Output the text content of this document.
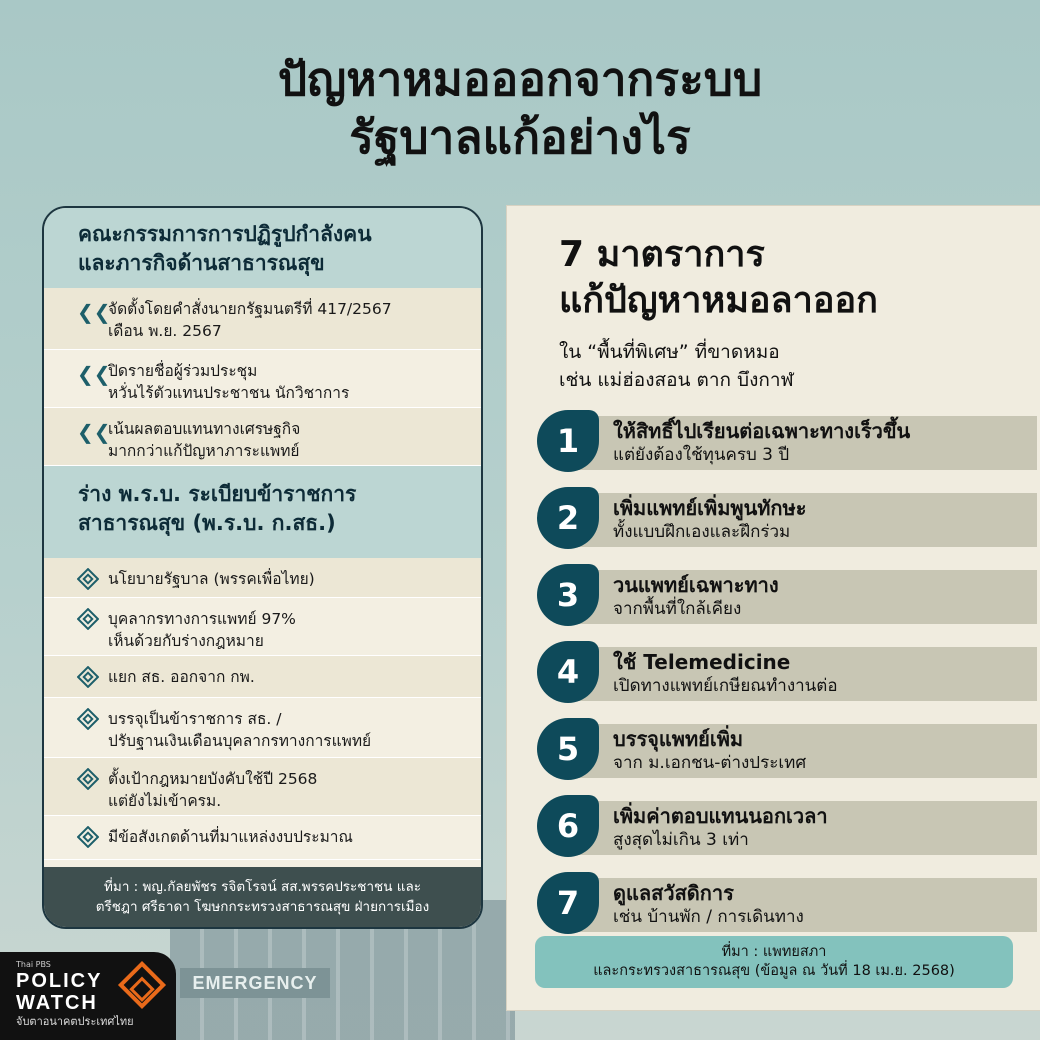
EMERGENCY
ปัญหาหมอออกจากระบบ
รัฐบาลแก้อย่างไร
คณะกรรมการการปฏิรูปกำลังคน
และภารกิจด้านสาธารณสุข
❮❮
จัดตั้งโดยคำสั่งนายกรัฐมนตรีที่ 417/2567
เดือน พ.ย. 2567
❮❮
ปิดรายชื่อผู้ร่วมประชุม
หวั่นไร้ตัวแทนประชาชน นักวิชาการ
❮❮
เน้นผลตอบแทนทางเศรษฐกิจ
มากกว่าแก้ปัญหาภาระแพทย์
ร่าง พ.ร.บ. ระเบียบข้าราชการ
สาธารณสุข (พ.ร.บ. ก.สธ.)
นโยบายรัฐบาล (พรรคเพื่อไทย)
บุคลากรทางการแพทย์ 97%
เห็นด้วยกับร่างกฎหมาย
แยก สธ. ออกจาก กพ.
บรรจุเป็นข้าราชการ สธ. /
ปรับฐานเงินเดือนบุคลากรทางการแพทย์
ตั้งเป้ากฎหมายบังคับใช้ปี 2568
แต่ยังไม่เข้าครม.
มีข้อสังเกตด้านที่มาแหล่งงบประมาณ
ที่มา : พญ.กัลยพัชร รจิตโรจน์ สส.พรรคประชาชน และ
ตรีชฎา ศรีธาดา โฆษกกระทรวงสาธารณสุข ฝ่ายการเมือง
7 มาตราการ
แก้ปัญหาหมอลาออก
ใน “พื้นที่พิเศษ” ที่ขาดหมอ
เช่น แม่ฮ่องสอน ตาก บึงกาฬ
1	ให้สิทธิ์ไปเรียนต่อเฉพาะทางเร็วขึ้น
แต่ยังต้องใช้ทุนครบ 3 ปี
2	เพิ่มแพทย์เพิ่มพูนทักษะ
ทั้งแบบฝึกเองและฝึกร่วม
3	วนแพทย์เฉพาะทาง
จากพื้นที่ใกล้เคียง
4	ใช้ Telemedicine
เปิดทางแพทย์เกษียณทำงานต่อ
5	บรรจุแพทย์เพิ่ม
จาก ม.เอกชน-ต่างประเทศ
6	เพิ่มค่าตอบแทนนอกเวลา
สูงสุดไม่เกิน 3 เท่า
7	ดูแลสวัสดิการ
เช่น บ้านพัก / การเดินทาง
ที่มา : แพทยสภา
และกระทรวงสาธารณสุข (ข้อมูล ณ วันที่ 18 เม.ย. 2568)
Thai PBS
POLICY
WATCH
จับตาอนาคตประเทศไทย
